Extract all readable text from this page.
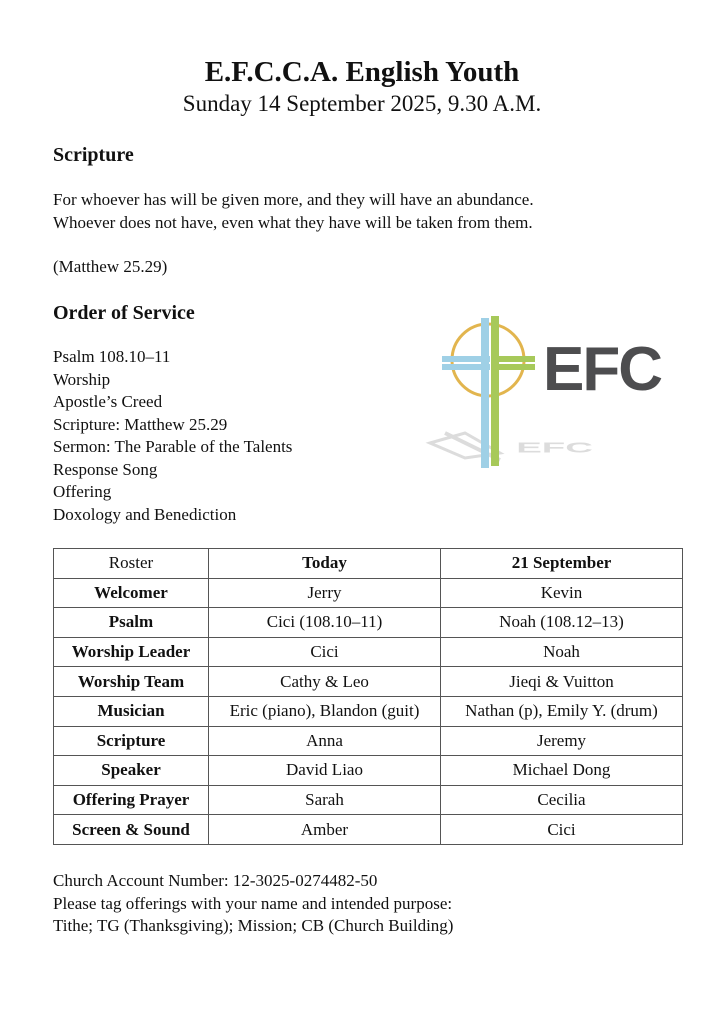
E.F.C.C.A. English Youth
Sunday 14 September 2025, 9.30 A.M.
Scripture
For whoever has will be given more, and they will have an abundance.
Whoever does not have, even what they have will be taken from them.
(Matthew 25.29)
Order of Service
Psalm 108.10–11
Worship
Apostle’s Creed
Scripture: Matthew 25.29
Sermon: The Parable of the Talents
Response Song
Offering
Doxology and Benediction
EFC
EFC
Roster	Today	21 September
Welcomer	Jerry	Kevin
Psalm	Cici (108.10–11)	Noah (108.12–13)
Worship Leader	Cici	Noah
Worship Team	Cathy & Leo	Jieqi & Vuitton
Musician	Eric (piano), Blandon (guit)	Nathan (p), Emily Y. (drum)
Scripture	Anna	Jeremy
Speaker	David Liao	Michael Dong
Offering Prayer	Sarah	Cecilia
Screen & Sound	Amber	Cici
Church Account Number: 12-3025-0274482-50
Please tag offerings with your name and intended purpose:
Tithe; TG (Thanksgiving); Mission; CB (Church Building)
